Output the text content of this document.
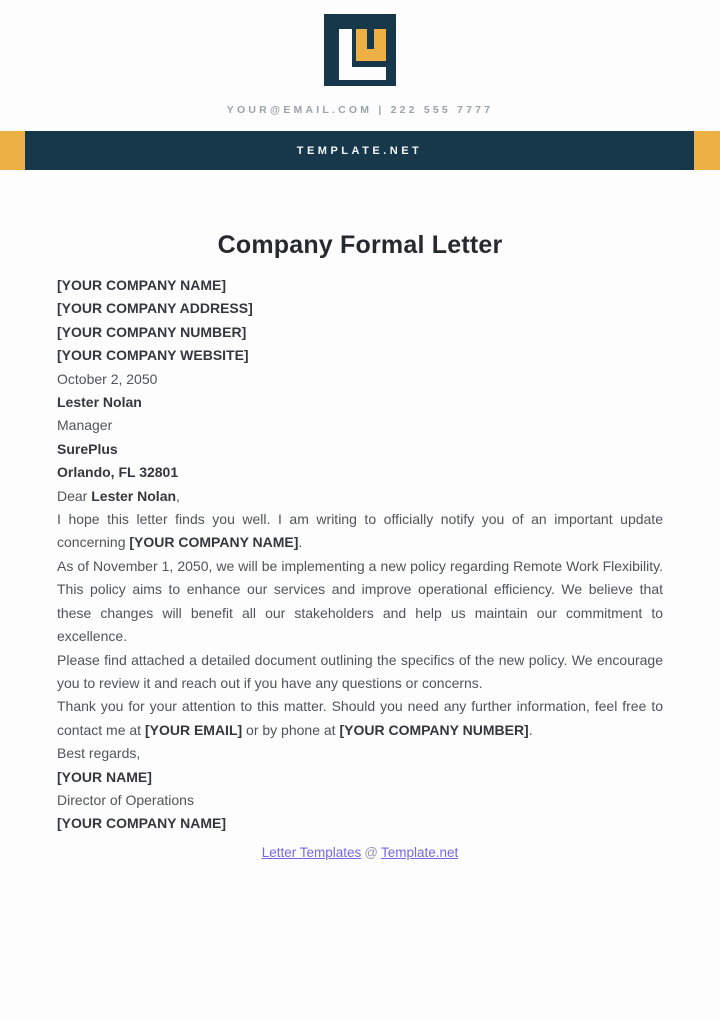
YOUR@EMAIL.COM | 222 555 7777
TEMPLATE.NET
Company Formal Letter

[YOUR COMPANY NAME]

[YOUR COMPANY ADDRESS]

[YOUR COMPANY NUMBER]

[YOUR COMPANY WEBSITE]

October 2, 2050

Lester Nolan

Manager

SurePlus

Orlando, FL 32801

Dear Lester Nolan,

I hope this letter finds you well. I am writing to officially notify you of an important update concerning [YOUR COMPANY NAME].

As of November 1, 2050, we will be implementing a new policy regarding Remote Work Flexibility. This policy aims to enhance our services and improve operational efficiency. We believe that these changes will benefit all our stakeholders and help us maintain our commitment to excellence.

Please find attached a detailed document outlining the specifics of the new policy. We encourage you to review it and reach out if you have any questions or concerns.

Thank you for your attention to this matter. Should you need any further information, feel free to contact me at [YOUR EMAIL] or by phone at [YOUR COMPANY NUMBER].

Best regards,

[YOUR NAME]

Director of Operations

[YOUR COMPANY NAME]

Letter Templates @ Template.net
